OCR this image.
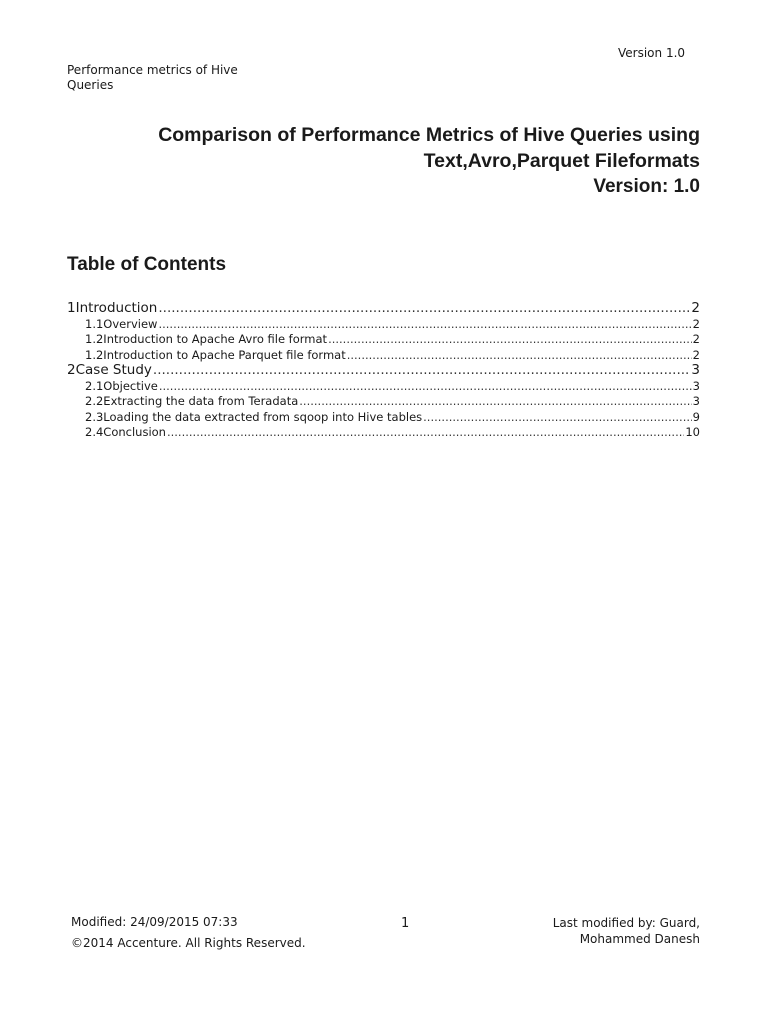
Version 1.0
Performance metrics of Hive Queries
Comparison of Performance Metrics of Hive Queries using
Text,Avro,Parquet Fileformats
Version: 1.0
Table of Contents
1 Introduction .....	2
1.1 Overview .....	2
1.2 Introduction to Apache Avro file format .....	2
1.2 Introduction to Apache Parquet file format .....	2
2 Case Study .....	3
2.1 Objective .....	3
2.2 Extracting the data from Teradata .....	3
2.3 Loading the data extracted from sqoop into Hive tables .....	9
2.4 Conclusion .....	10
Modified: 24/09/2015 07:33
©2014 Accenture. All Rights Reserved.
1	Last modified by: Guard,
Mohammed Danesh
